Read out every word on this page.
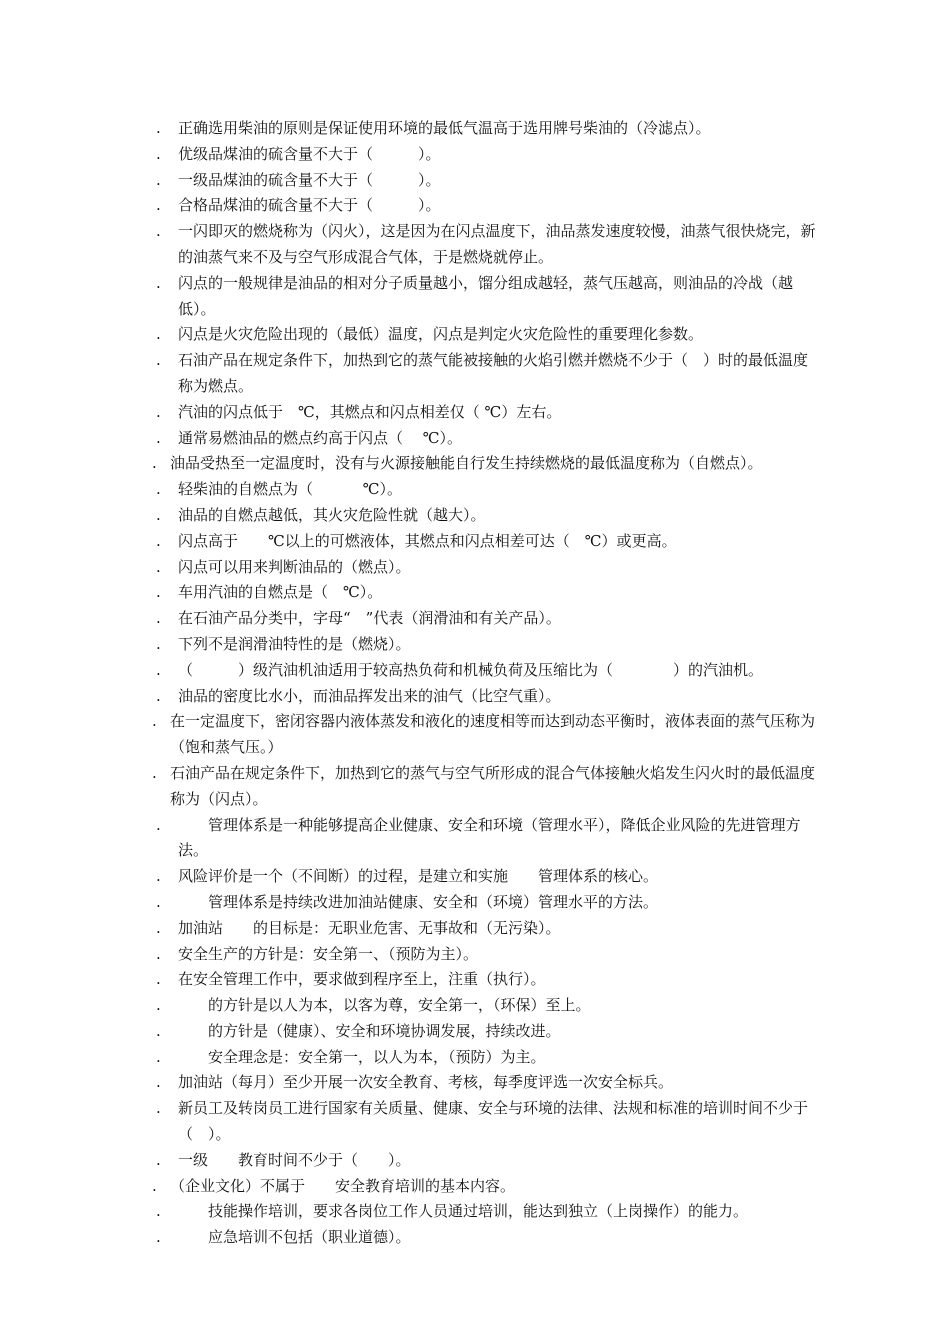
.	正确选用柴油的原则是保证使用环境的最低气温高于选用牌号柴油的（冷滤点）。
.	优级品煤油的硫含量不大于（　　　）。
.	一级品煤油的硫含量不大于（　　　）。
.	合格品煤油的硫含量不大于（　　　）。
.	一闪即灭的燃烧称为（闪火），这是因为在闪点温度下，油品蒸发速度较慢，油蒸气很快烧完，新的油蒸气来不及与空气形成混合气体，于是燃烧就停止。
.	闪点的一般规律是油品的相对分子质量越小，馏分组成越轻，蒸气压越高，则油品的冷战（越低）。
.	闪点是火灾危险出现的（最低）温度，闪点是判定火灾危险性的重要理化参数。
.	石油产品在规定条件下，加热到它的蒸气能被接触的火焰引燃并燃烧不少于（　）时的最低温度称为燃点。
.	汽油的闪点低于　℃，其燃点和闪点相差仅（ ℃）左右。
.	通常易燃油品的燃点约高于闪点（　 ℃）。
. 油品受热至一定温度时，没有与火源接触能自行发生持续燃烧的最低温度称为（自燃点）。
.	轻柴油的自燃点为（　　　 ℃）。
.	油品的自燃点越低，其火灾危险性就（越大）。
.	闪点高于　　℃以上的可燃液体，其燃点和闪点相差可达（　℃）或更高。
.	闪点可以用来判断油品的（燃点）。
.	车用汽油的自燃点是（　℃）。
.	在石油产品分类中，字母“　”代表（润滑油和有关产品）。
.	下列不是润滑油特性的是（燃烧）。
.	（　　　）级汽油机油适用于较高热负荷和机械负荷及压缩比为（　　　　）的汽油机。
.	油品的密度比水小，而油品挥发出来的油气（比空气重）。
. 在一定温度下，密闭容器内液体蒸发和液化的速度相等而达到动态平衡时，液体表面的蒸气压称为（饱和蒸气压。）
. 石油产品在规定条件下，加热到它的蒸气与空气所形成的混合气体接触火焰发生闪火时的最低温度称为（闪点）。
.	　　管理体系是一种能够提高企业健康、安全和环境（管理水平），降低企业风险的先进管理方法。
.	风险评价是一个（不间断）的过程，是建立和实施　　管理体系的核心。
.	　　管理体系是持续改进加油站健康、安全和（环境）管理水平的方法。
.	加油站　　的目标是：无职业危害、无事故和（无污染）。
.	安全生产的方针是：安全第一、（预防为主）。
.	在安全管理工作中，要求做到程序至上，注重（执行）。
.	　　的方针是以人为本，以客为尊，安全第一，（环保）至上。
.	　　的方针是（健康）、安全和环境协调发展，持续改进。
.	　　安全理念是：安全第一，以人为本，（预防）为主。
.	加油站（每月）至少开展一次安全教育、考核，每季度评选一次安全标兵。
.	新员工及转岗员工进行国家有关质量、健康、安全与环境的法律、法规和标准的培训时间不少于（　）。
.	一级　　教育时间不少于（　　）。
. （企业文化）不属于　　安全教育培训的基本内容。
.	　　技能操作培训，要求各岗位工作人员通过培训，能达到独立（上岗操作）的能力。
.	　　应急培训不包括（职业道德）。
